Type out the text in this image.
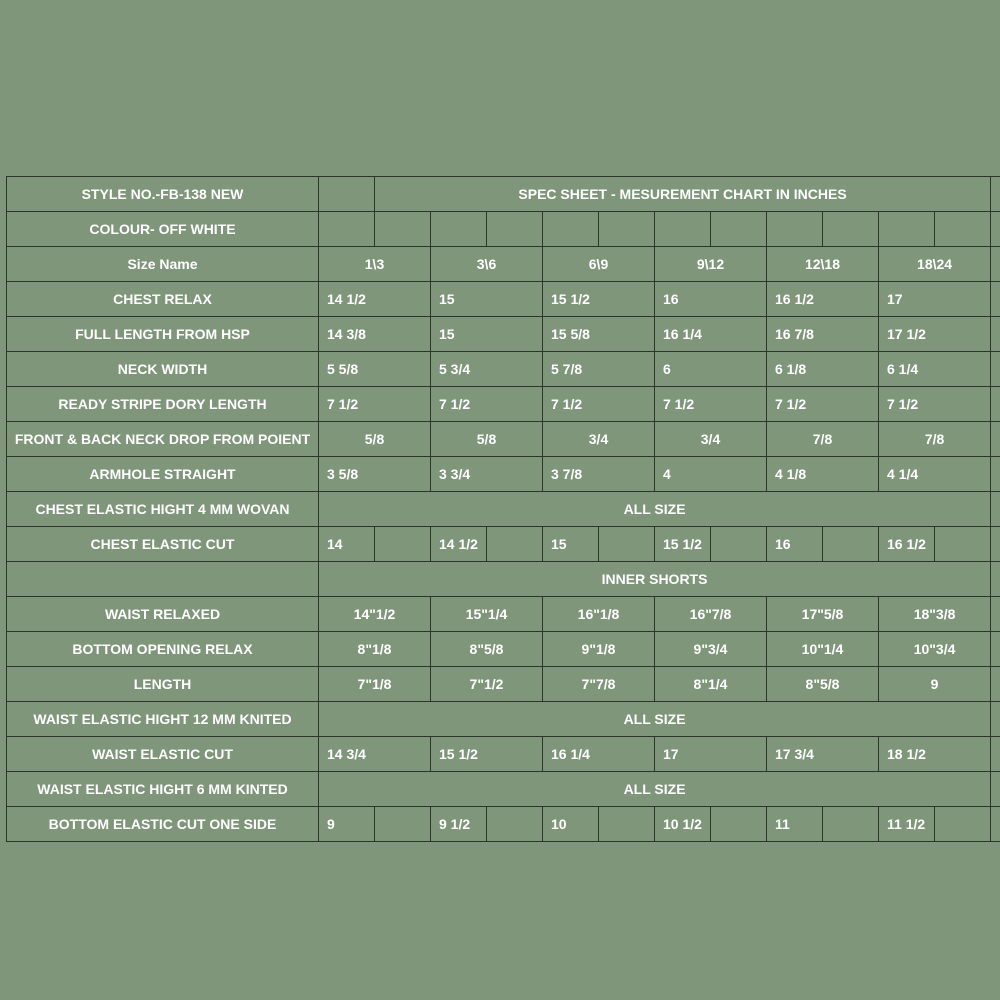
STYLE NO.-FB-138 NEW		SPEC SHEET - MESUREMENT CHART IN INCHES											
COLOUR- OFF WHITE													
Size Name	1\3		3\6		6\9		9\12		12\18		18\24		
CHEST RELAX	14 1/2		15		15 1/2		16		16 1/2		17		
FULL LENGTH FROM HSP	14 3/8		15		15 5/8		16 1/4		16 7/8		17 1/2		
NECK WIDTH	5 5/8		5 3/4		5 7/8		6		6 1/8		6 1/4		
READY STRIPE DORY LENGTH	7 1/2		7 1/2		7 1/2		7 1/2		7 1/2		7 1/2		
FRONT & BACK NECK DROP FROM POIENT	5/8		5/8		3/4		3/4		7/8		7/8		
ARMHOLE STRAIGHT	3 5/8		3 3/4		3 7/8		4		4 1/8		4 1/4		
CHEST ELASTIC HIGHT 4 MM WOVAN	ALL SIZE												
CHEST ELASTIC CUT	14		14 1/2		15		15 1/2		16		16 1/2		
	INNER SHORTS												
WAIST RELAXED	14"1/2		15"1/4		16"1/8		16"7/8		17"5/8		18"3/8		
BOTTOM OPENING RELAX	8"1/8		8"5/8		9"1/8		9"3/4		10"1/4		10"3/4		
LENGTH	7"1/8		7"1/2		7"7/8		8"1/4		8"5/8		9		
WAIST ELASTIC HIGHT 12 MM KNITED	ALL SIZE												
WAIST ELASTIC CUT	14 3/4		15 1/2		16 1/4		17		17 3/4		18 1/2		
WAIST ELASTIC HIGHT 6 MM KINTED	ALL SIZE												
BOTTOM ELASTIC CUT ONE SIDE	9		9 1/2		10		10 1/2		11		11 1/2		
